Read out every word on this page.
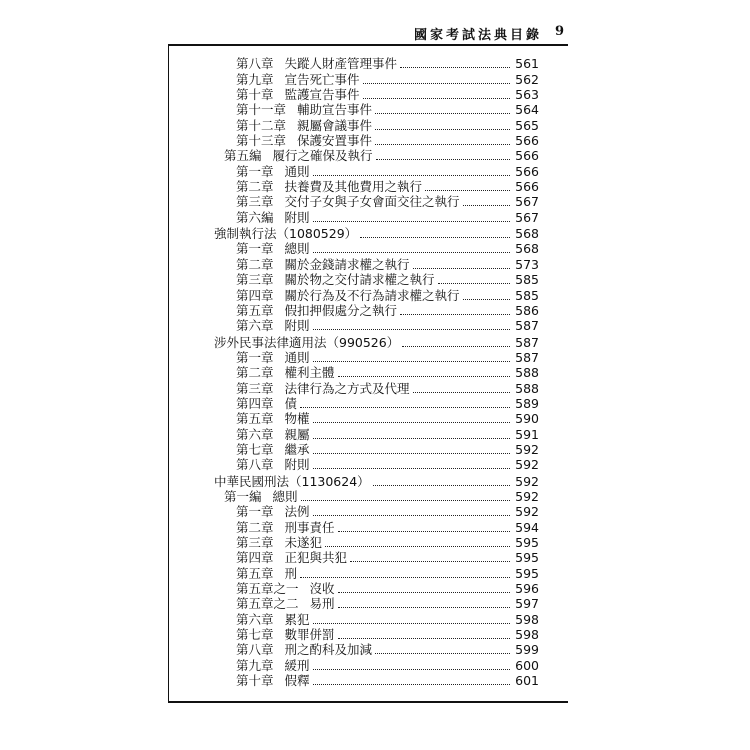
國家考試法典目錄 9
第八章 失蹤人財產管理事件	561
第九章 宣告死亡事件	562
第十章 監護宣告事件	563
第十一章 輔助宣告事件	564
第十二章 親屬會議事件	565
第十三章 保護安置事件	566
第五編 履行之確保及執行	566
第一章 通則	566
第二章 扶養費及其他費用之執行	566
第三章 交付子女與子女會面交往之執行	567
第六編 附則	567
強制執行法（1080529）	568
第一章 總則	568
第二章 關於金錢請求權之執行	573
第三章 關於物之交付請求權之執行	585
第四章 關於行為及不行為請求權之執行	585
第五章 假扣押假處分之執行	586
第六章 附則	587
涉外民事法律適用法（990526）	587
第一章 通則	587
第二章 權利主體	588
第三章 法律行為之方式及代理	588
第四章 債	589
第五章 物權	590
第六章 親屬	591
第七章 繼承	592
第八章 附則	592
中華民國刑法（1130624）	592
第一編 總則	592
第一章 法例	592
第二章 刑事責任	594
第三章 未遂犯	595
第四章 正犯與共犯	595
第五章 刑	595
第五章之一 沒收	596
第五章之二 易刑	597
第六章 累犯	598
第七章 數罪併罰	598
第八章 刑之酌科及加減	599
第九章 緩刑	600
第十章 假釋	601
